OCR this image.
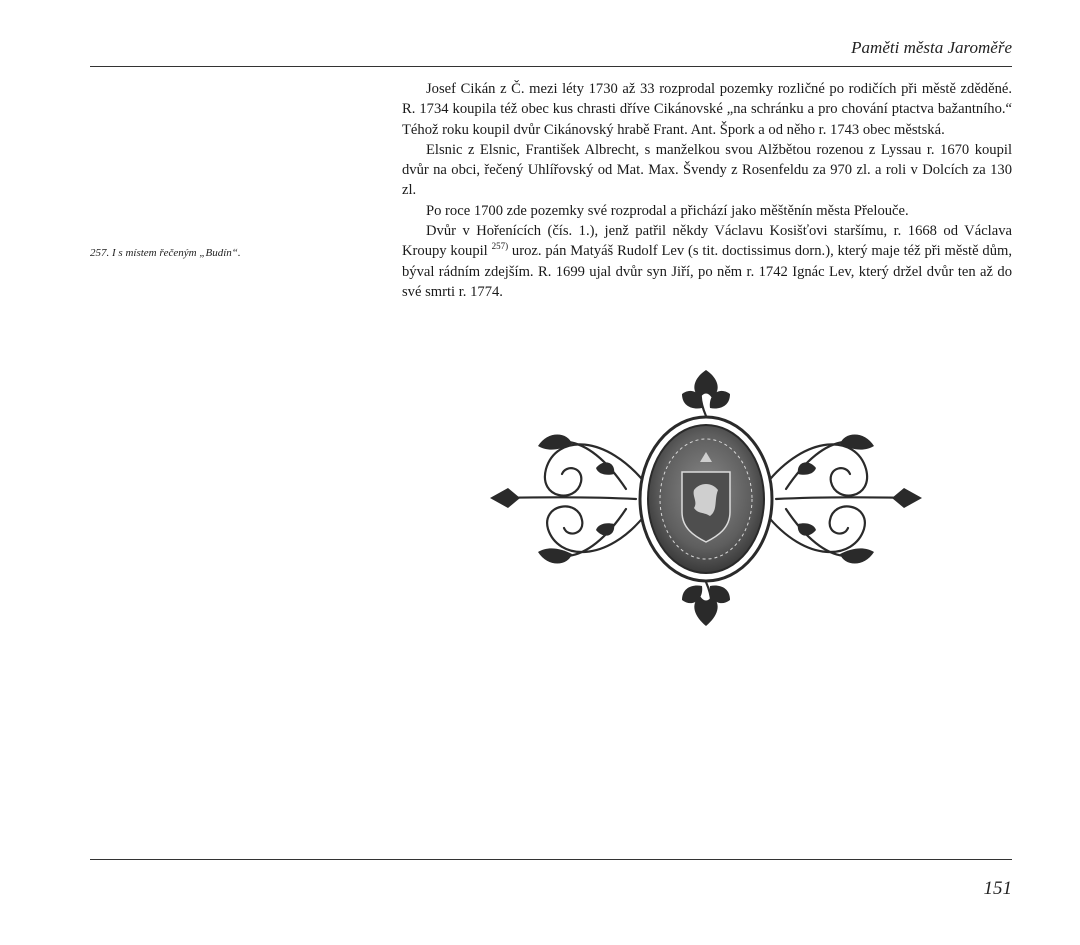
Paměti města Jaroměře
257. I s místem řečeným „Budín“.

Josef Cikán z Č. mezi léty 1730 až 33 rozprodal pozemky rozličné po rodičích při městě zděděné. R. 1734 koupila též obec kus chrasti dříve Cikánovské „na schránku a pro chování ptactva bažantního.“ Téhož roku koupil dvůr Cikánovský hrabě Frant. Ant. Špork a od něho r. 1743 obec městská.

Elsnic z Elsnic, František Albrecht, s manželkou svou Alžbětou rozenou z Lyssau r. 1670 koupil dvůr na obci, řečený Uhlířovský od Mat. Max. Švendy z Rosenfeldu za 970 zl. a roli v Dolcích za 130 zl.

Po roce 1700 zde pozemky své rozprodal a přichází jako měštěnín města Přelouče.

Dvůr v Hořenících (čís. 1.), jenž patřil někdy Václavu Kosišťovi staršímu, r. 1668 od Václava Kroupy koupil $^{257)}$ uroz. pán Matyáš Rudolf Lev (s tit. doctissimus dorn.), který maje též při městě dům, býval rádním zdejším. R. 1699 ujal dvůr syn Jiří, po něm r. 1742 Ignác Lev, který držel dvůr ten až do své smrti r. 1774.

151
